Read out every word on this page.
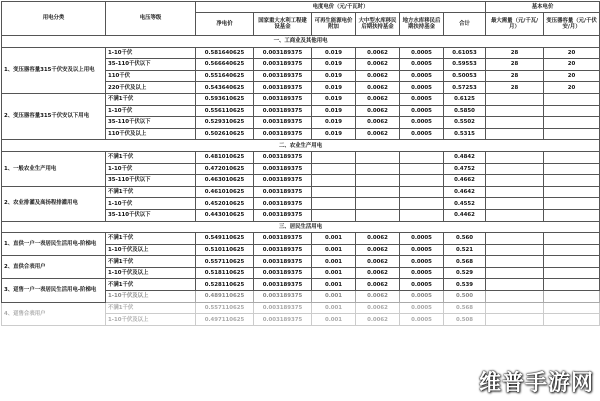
用电分类	电压等级	电度电价（元/千瓦时）						基本电价	
		净电价	国家重大水利工程建设基金	可再生能源电价附加	大中型水库移民后期扶持基金	地方水库移民后期扶持基金	合计	最大需量（元/千瓦/月）	变压器容量（元/千伏安/月）
一、工商业及其他用电									
1、变压器容量315千伏安及以上用电	1-10千伏	0.581640625	0.003189375	0.019	0.0062	0.0005	0.61053	28	20
	35-110千伏以下	0.566640625	0.003189375	0.019	0.0062	0.0005	0.59553	28	20
	110千伏	0.551640625	0.003189375	0.019	0.0062	0.0005	0.50053	28	20
	220千伏及以上	0.543640625	0.003189375	0.019	0.0062	0.0005	0.57253	28	20
2、变压器容量315千伏安以下用电	不满1千伏	0.593610625	0.003189375	0.019	0.0062	0.0005	0.6125		
	1-10千伏	0.556110625	0.003189375	0.019	0.0062	0.0005	0.5850		
	35-110千伏以下	0.529310625	0.003189375	0.019	0.0062	0.0005	0.5502		
	110千伏及以上	0.502610625	0.003189375	0.019	0.0062	0.0005	0.5315		
二、农业生产用电									
1、一般农业生产用电	不满1千伏	0.481010625	0.003189375				0.4842		
	1-10千伏	0.472010625	0.003189375				0.4752		
	35-110千伏以下	0.463010625	0.003189375				0.4662		
2、农业排灌及高扬程排灌用电	不满1千伏	0.461010625	0.003189375				0.4642		
	1-10千伏	0.452010625	0.003189375				0.4552		
	35-110千伏以下	0.443010625	0.003189375				0.4462		
三、居民生活用电									
1、直供一户一表居民生活用电-阶梯电	不满1千伏	0.549110625	0.003189375	0.001	0.0062	0.0005	0.560		
	1-10千伏及以上	0.510110625	0.003189375	0.001	0.0062	0.0005	0.521		
2、直供合表用户	不满1千伏	0.557110625	0.003189375	0.001	0.0062	0.0005	0.568		
	1-10千伏及以上	0.518110625	0.003189375	0.001	0.0062	0.0005	0.529		
3、趸售一户一表居民生活用电-阶梯电	不满1千伏	0.528110625	0.003189375	0.001	0.0062	0.0005	0.539		
	1-10千伏及以上	0.489110625	0.003189375	0.001	0.0062	0.0005	0.500		
4、趸售合表用户	不满1千伏	0.557110625	0.003189375	0.001	0.0062	0.0005	0.568		
	1-10千伏及以上	0.497110625	0.003189375	0.001	0.0062	0.0005	0.508		
维普手游网
